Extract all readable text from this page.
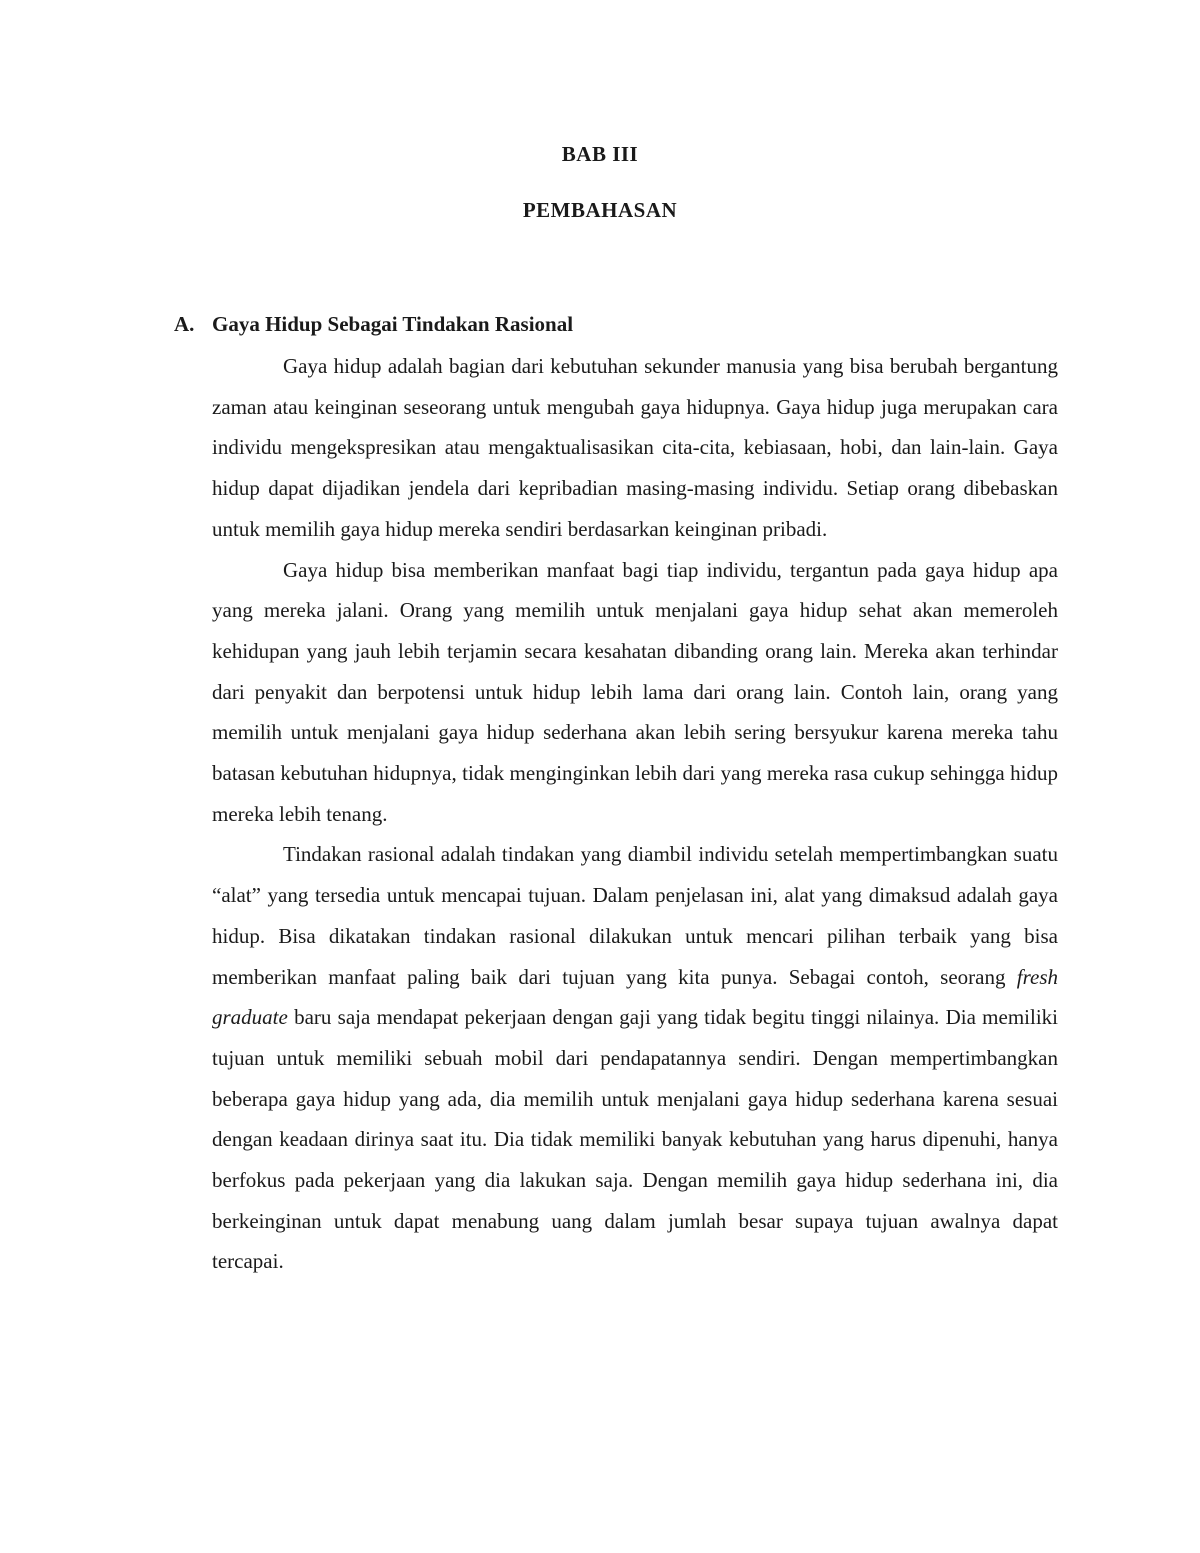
BAB III
PEMBAHASAN
A. Gaya Hidup Sebagai Tindakan Rasional

Gaya hidup adalah bagian dari kebutuhan sekunder manusia yang bisa berubah bergantung zaman atau keinginan seseorang untuk mengubah gaya hidupnya. Gaya hidup juga merupakan cara individu mengekspresikan atau mengaktualisasikan cita-cita, kebiasaan, hobi, dan lain-lain. Gaya hidup dapat dijadikan jendela dari kepribadian masing-masing individu. Setiap orang dibebaskan untuk memilih gaya hidup mereka sendiri berdasarkan keinginan pribadi.

Gaya hidup bisa memberikan manfaat bagi tiap individu, tergantun pada gaya hidup apa yang mereka jalani. Orang yang memilih untuk menjalani gaya hidup sehat akan memeroleh kehidupan yang jauh lebih terjamin secara kesahatan dibanding orang lain. Mereka akan terhindar dari penyakit dan berpotensi untuk hidup lebih lama dari orang lain. Contoh lain, orang yang memilih untuk menjalani gaya hidup sederhana akan lebih sering bersyukur karena mereka tahu batasan kebutuhan hidupnya, tidak menginginkan lebih dari yang mereka rasa cukup sehingga hidup mereka lebih tenang.

Tindakan rasional adalah tindakan yang diambil individu setelah mempertimbangkan suatu “alat” yang tersedia untuk mencapai tujuan. Dalam penjelasan ini, alat yang dimaksud adalah gaya hidup. Bisa dikatakan tindakan rasional dilakukan untuk mencari pilihan terbaik yang bisa memberikan manfaat paling baik dari tujuan yang kita punya. Sebagai contoh, seorang fresh graduate baru saja mendapat pekerjaan dengan gaji yang tidak begitu tinggi nilainya. Dia memiliki tujuan untuk memiliki sebuah mobil dari pendapatannya sendiri. Dengan mempertimbangkan beberapa gaya hidup yang ada, dia memilih untuk menjalani gaya hidup sederhana karena sesuai dengan keadaan dirinya saat itu. Dia tidak memiliki banyak kebutuhan yang harus dipenuhi, hanya berfokus pada pekerjaan yang dia lakukan saja. Dengan memilih gaya hidup sederhana ini, dia berkeinginan untuk dapat menabung uang dalam jumlah besar supaya tujuan awalnya dapat tercapai.
